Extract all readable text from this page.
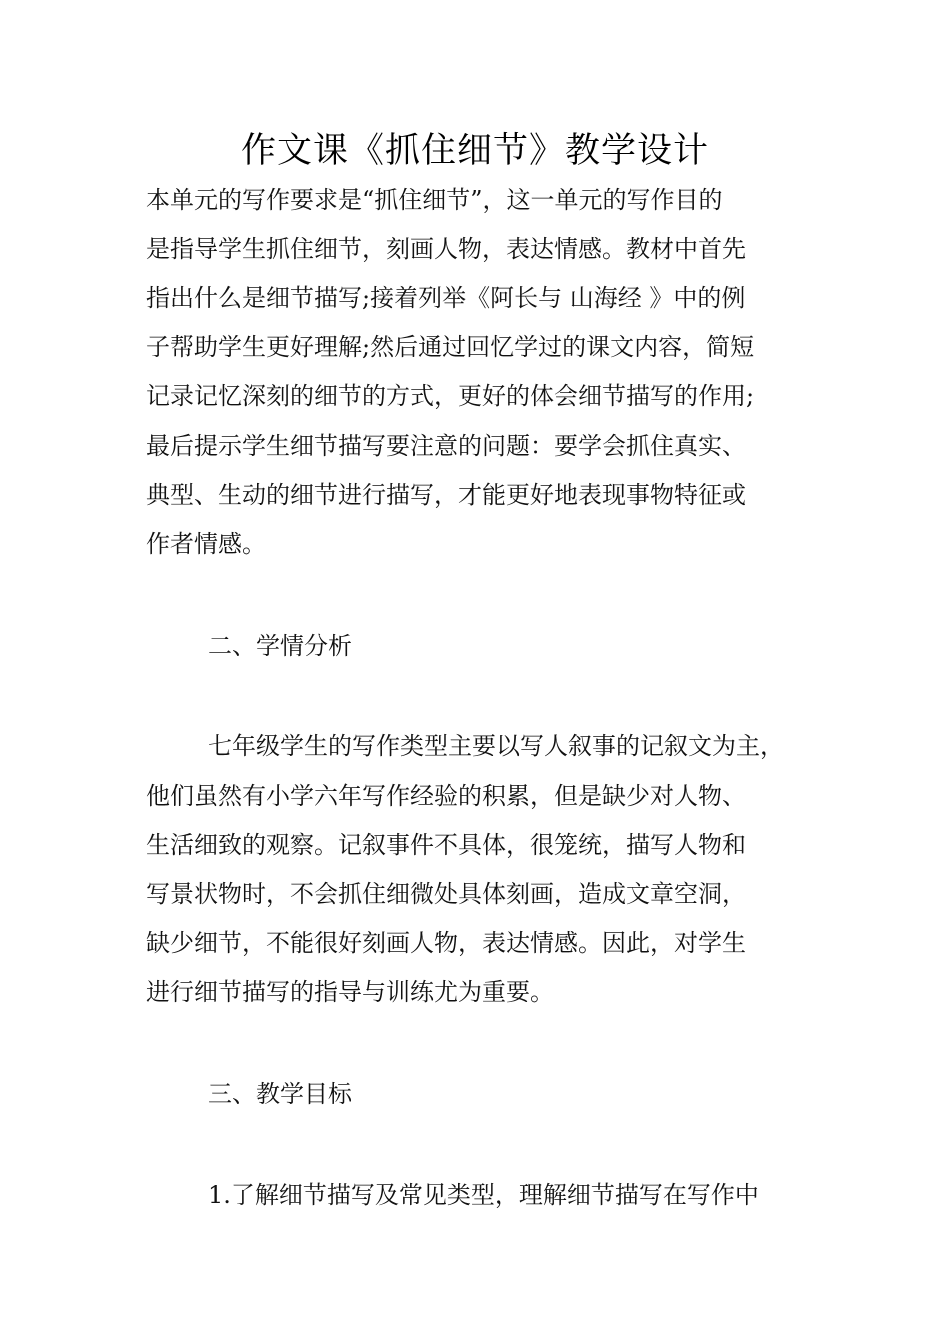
作文课《抓住细节》教学设计
本单元的写作要求是“抓住细节”，这一单元的写作目的
是指导学生抓住细节，刻画人物，表达情感。教材中首先
指出什么是细节描写;接着列举《阿长与 山海经 》中的例
子帮助学生更好理解;然后通过回忆学过的课文内容，简短
记录记忆深刻的细节的方式，更好的体会细节描写的作用;
最后提示学生细节描写要注意的问题：要学会抓住真实、
典型、生动的细节进行描写，才能更好地表现事物特征或
作者情感。
二、学情分析
七年级学生的写作类型主要以写人叙事的记叙文为主，
他们虽然有小学六年写作经验的积累，但是缺少对人物、
生活细致的观察。记叙事件不具体，很笼统，描写人物和
写景状物时，不会抓住细微处具体刻画，造成文章空洞，
缺少细节，不能很好刻画人物，表达情感。因此，对学生
进行细节描写的指导与训练尤为重要。
三、教学目标
1.了解细节描写及常见类型，理解细节描写在写作中
